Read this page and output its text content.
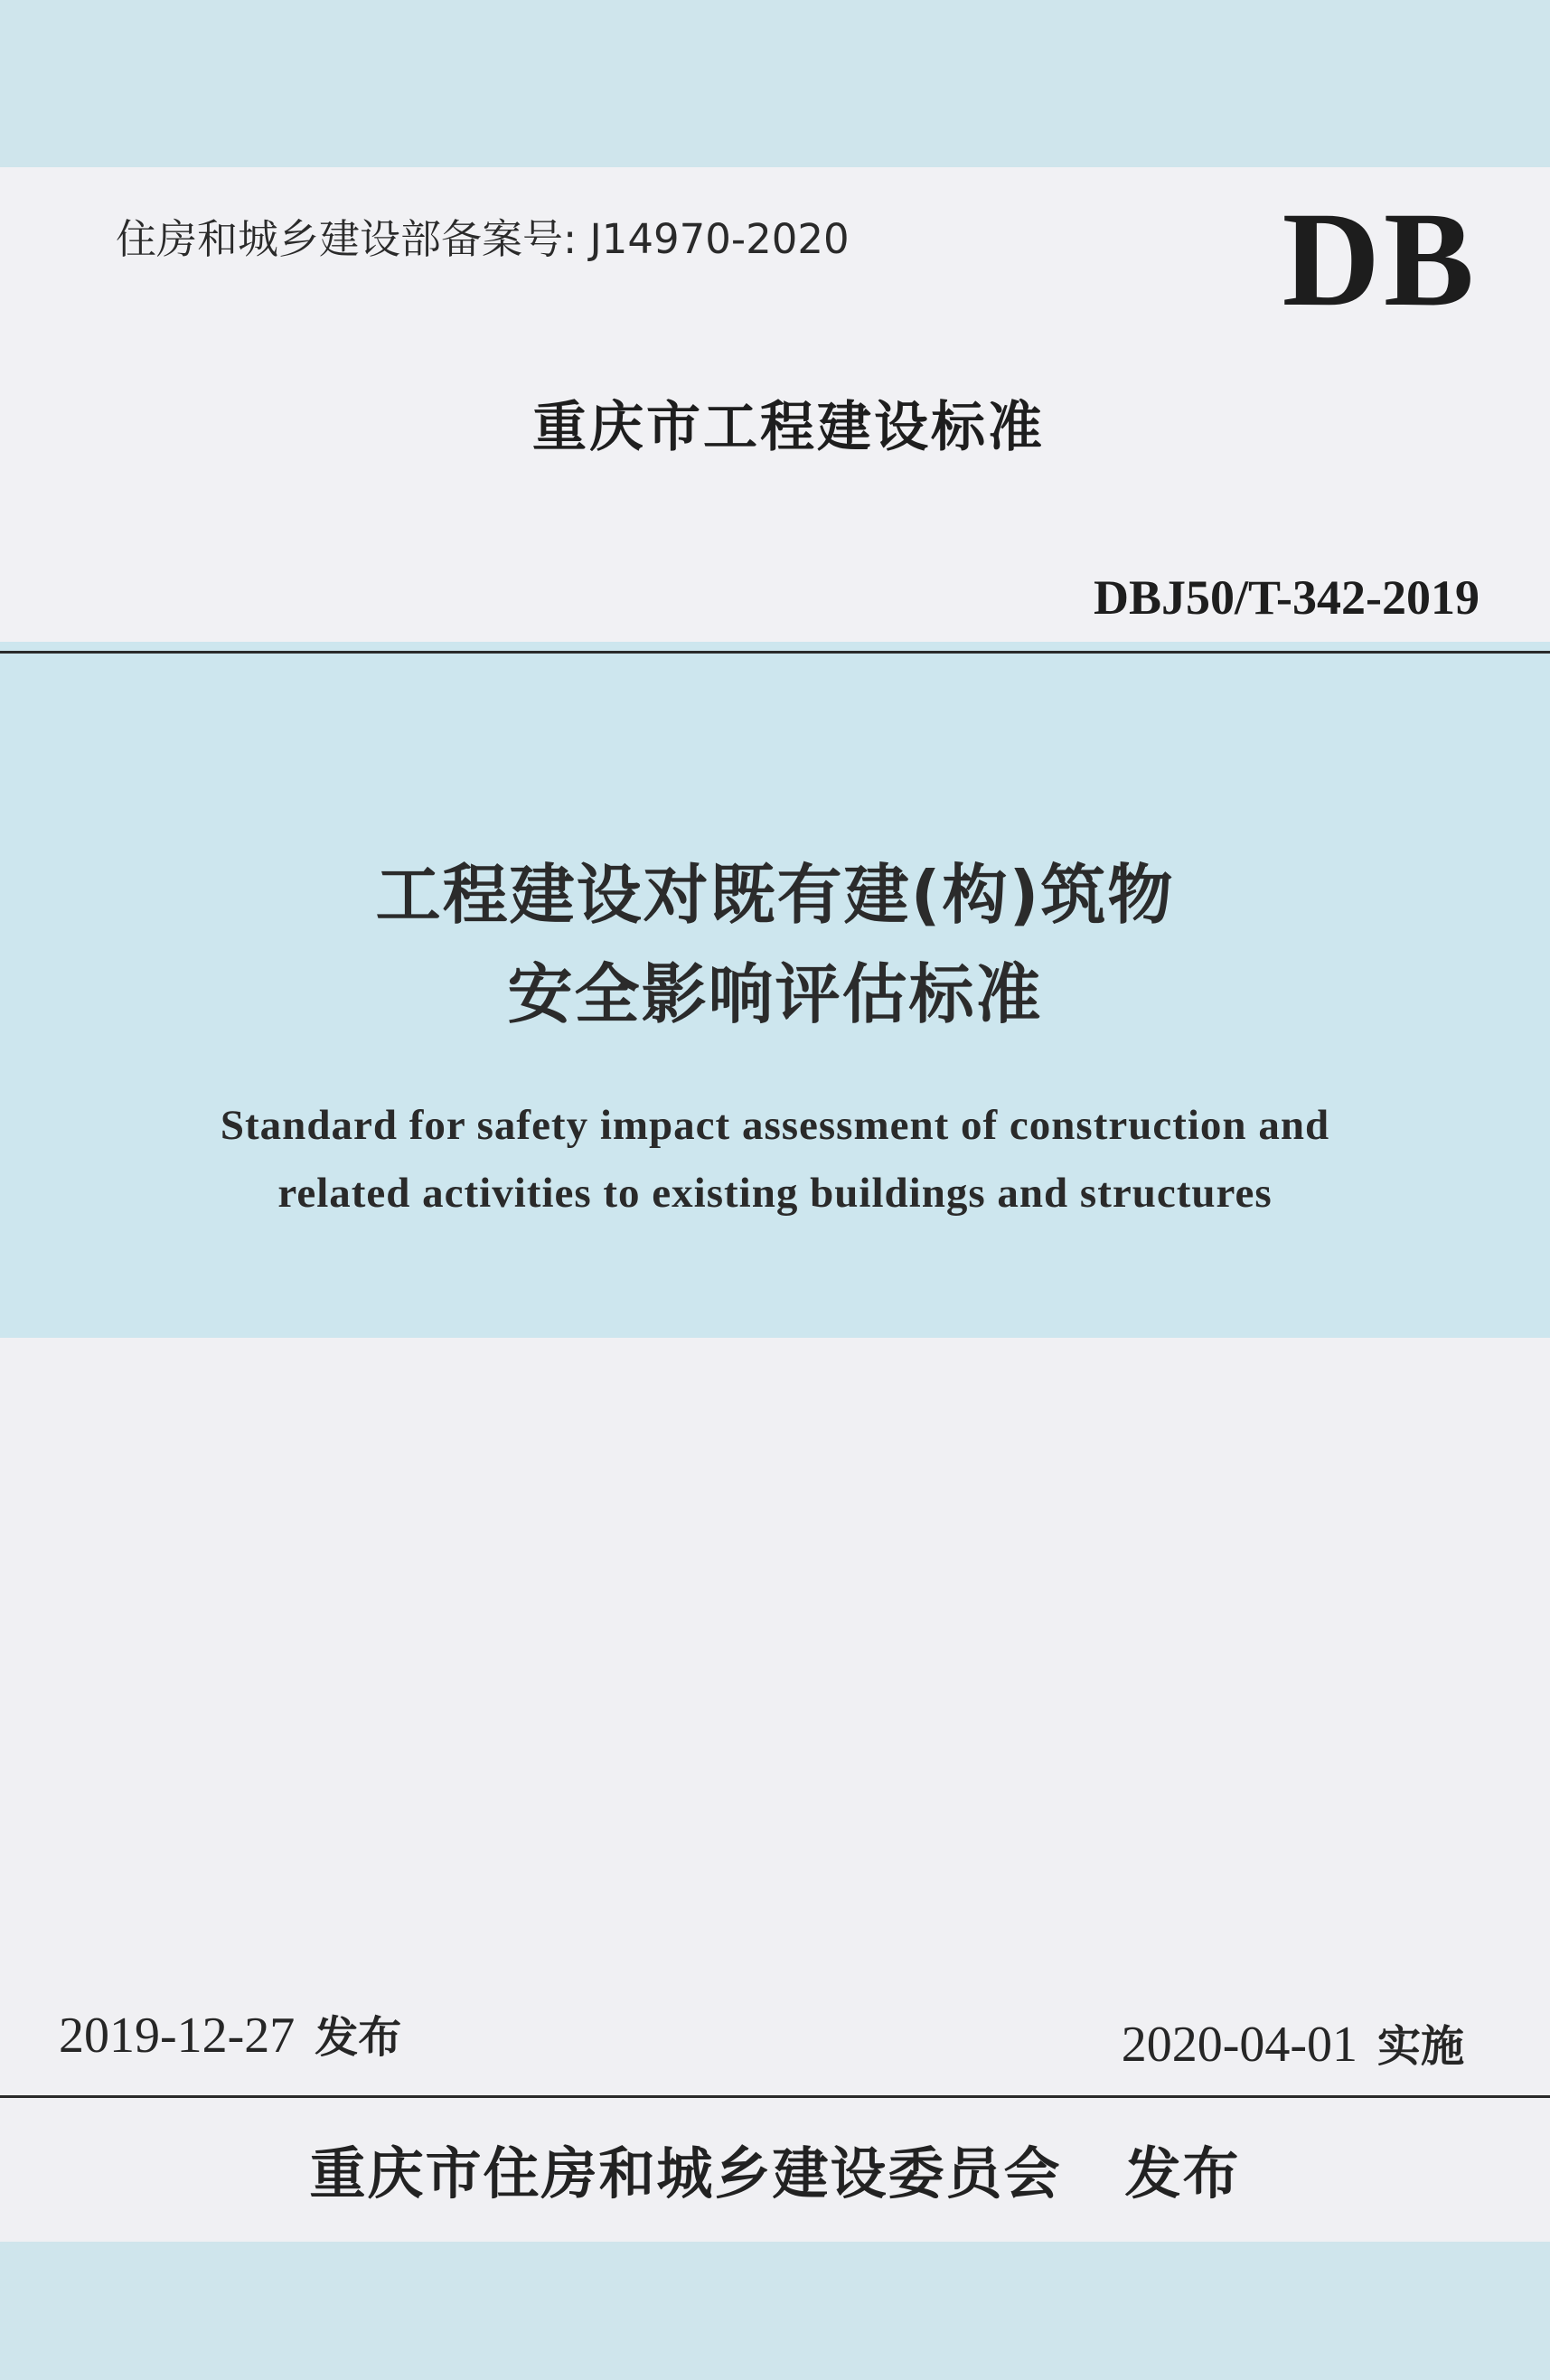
住房和城乡建设部备案号: J14970-2020	DB
重庆市工程建设标准
DBJ50/T-342-2019
工程建设对既有建(构)筑物
安全影响评估标准
Standard for safety impact assessment of construction and
related activities to existing buildings and structures
2019-12-27 发布	2020-04-01 实施
重庆市住房和城乡建设委员会 发布
